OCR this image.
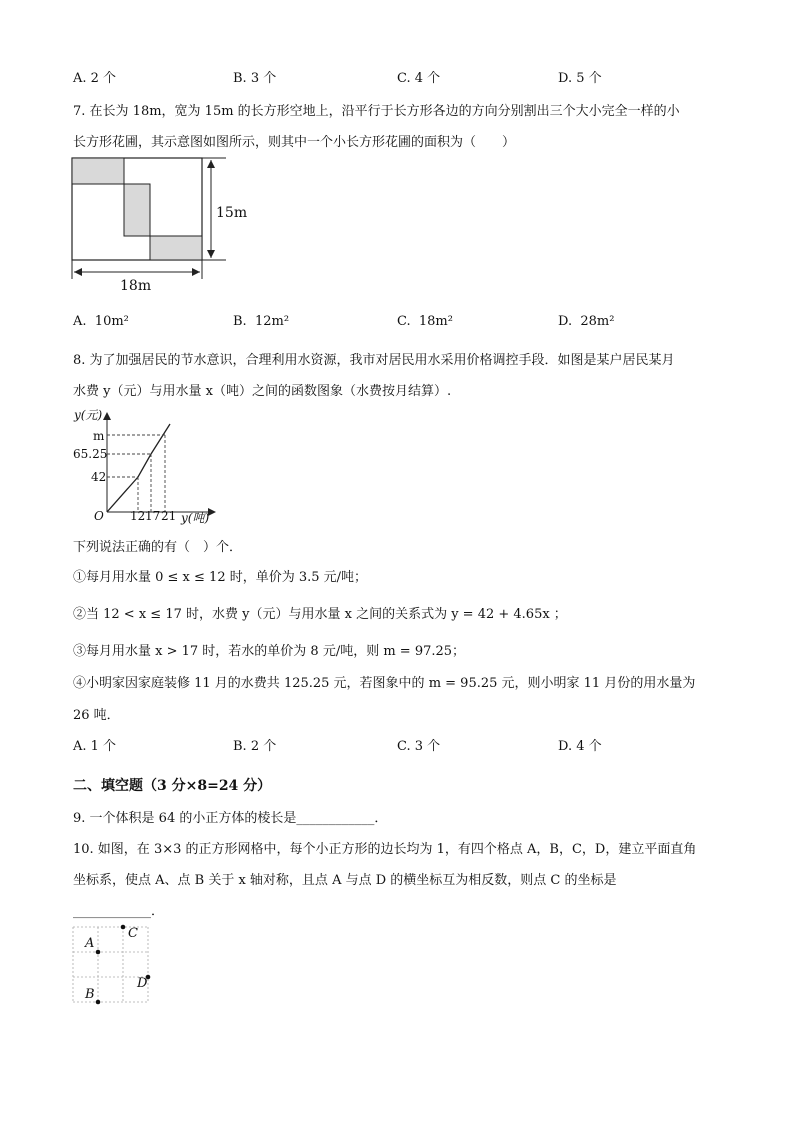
A. 2 个	B. 3 个	C. 4 个	D. 5 个
7. 在长为 18m，宽为 15m 的长方形空地上，沿平行于长方形各边的方向分别割出三个大小完全一样的小
长方形花圃，其示意图如图所示，则其中一个小长方形花圃的面积为（　　）
15m
18m
A. 10m²	B. 12m²	C. 18m²	D. 28m²
8. 为了加强居民的节水意识，合理利用水资源，我市对居民用水采用价格调控手段．如图是某户居民某月
水费 y（元）与用水量 x（吨）之间的函数图象（水费按月结算）.
y(元)
m
65.25
42
O 12 17 21 y(吨)
下列说法正确的有（　）个．
①每月用水量 0 ≤ x ≤ 12 时，单价为 3.5 元/吨；
②当 12 < x ≤ 17 时，水费 y（元）与用水量 x 之间的关系式为 y = 42 + 4.65x ；
③每月用水量 x > 17 时，若水的单价为 8 元/吨，则 m = 97.25；
④小明家因家庭装修 11 月的水费共 125.25 元，若图象中的 m = 95.25 元，则小明家 11 月份的用水量为
26 吨．
A. 1 个	B. 2 个	C. 3 个	D. 4 个
二、填空题（3 分×8=24 分）
9. 一个体积是 64 的小正方体的棱长是____________．
10. 如图，在 3×3 的正方形网格中，每个小正方形的边长均为 1，有四个格点 A，B，C，D，建立平面直角
坐标系，使点 A、点 B 关于 x 轴对称，且点 A 与点 D 的横坐标互为相反数，则点 C 的坐标是
____________．
A
C
D
B
